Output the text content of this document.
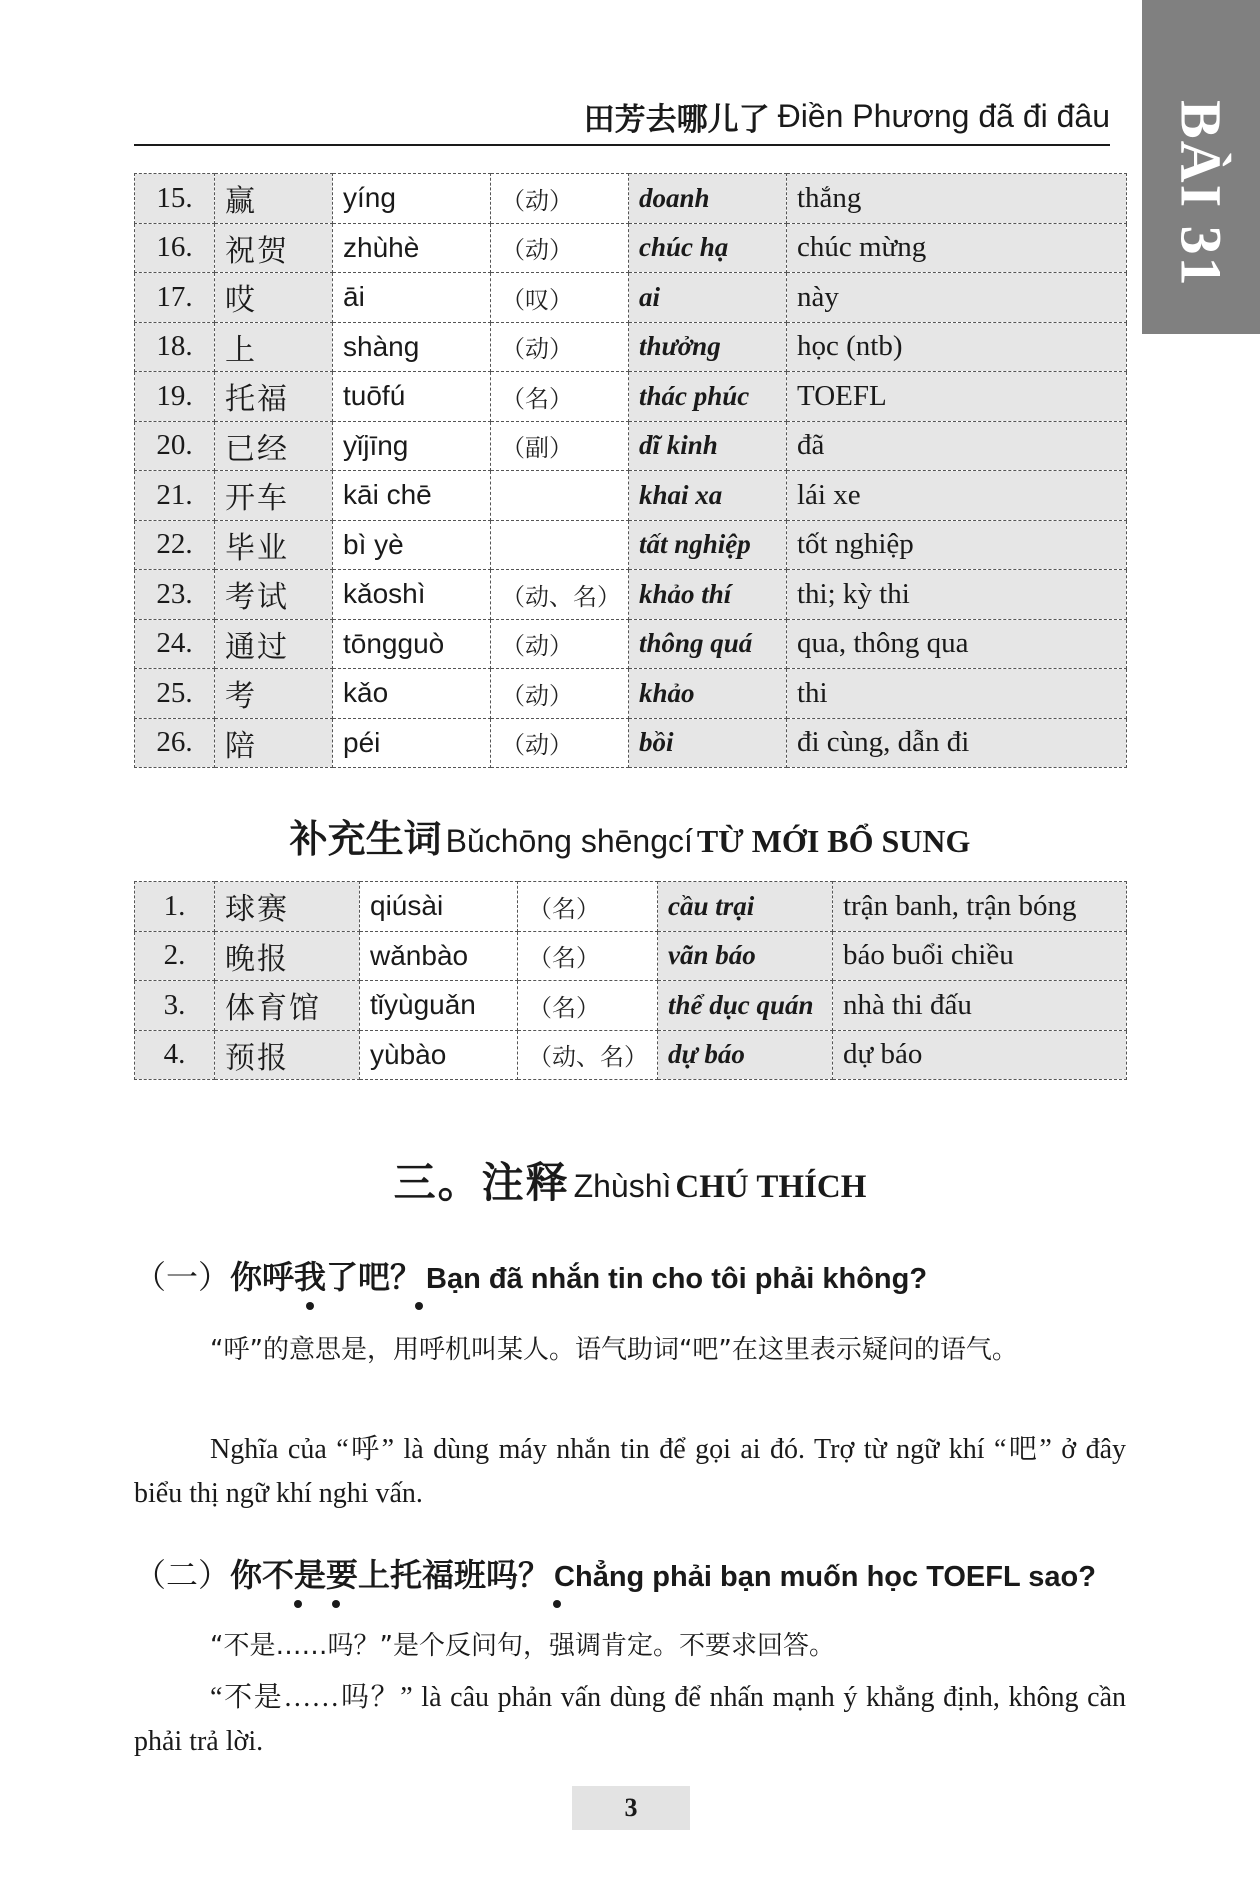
BÀI 31
田芳去哪儿了 Điền Phương đã đi đâu
15.	赢	yíng	（动）	doanh	thắng
16.	祝贺	zhùhè	（动）	chúc hạ	chúc mừng
17.	哎	āi	（叹）	ai	này
18.	上	shàng	（动）	thưởng	học (ntb)
19.	托福	tuōfú	（名）	thác phúc	TOEFL
20.	已经	yǐjīng	（副）	dĩ kinh	đã
21.	开车	kāi chē		khai xa	lái xe
22.	毕业	bì yè		tất nghiệp	tốt nghiệp
23.	考试	kǎoshì	（动、名）	khảo thí	thi; kỳ thi
24.	通过	tōngguò	（动）	thông quá	qua, thông qua
25.	考	kǎo	（动）	khảo	thi
26.	陪	péi	（动）	bồi	đi cùng, dẫn đi
补充生词 Bǔchōng shēngcí TỪ MỚI BỔ SUNG
1.	球赛	qiúsài	（名）	cầu trại	trận banh, trận bóng
2.	晚报	wǎnbào	（名）	vãn báo	báo buổi chiều
3.	体育馆	tǐyùguǎn	（名）	thể dục quán	nhà thi đấu
4.	预报	yùbào	（动、名）	dự báo	dự báo
三。注释 Zhùshì CHÚ THÍCH
（一）你呼我了吧？ Bạn đã nhắn tin cho tôi phải không?

“呼”的意思是，用呼机叫某人。语气助词“吧”在这里表示疑问的语气。

Nghĩa của “呼” là dùng máy nhắn tin để gọi ai đó. Trợ từ ngữ khí “吧” ở đây biểu thị ngữ khí nghi vấn.

（二）你不是要上托福班吗？ Chẳng phải bạn muốn học TOEFL sao?

“不是……吗？”是个反问句，强调肯定。不要求回答。

“不是……吗？” là câu phản vấn dùng để nhấn mạnh ý khẳng định, không cần phải trả lời.

3
